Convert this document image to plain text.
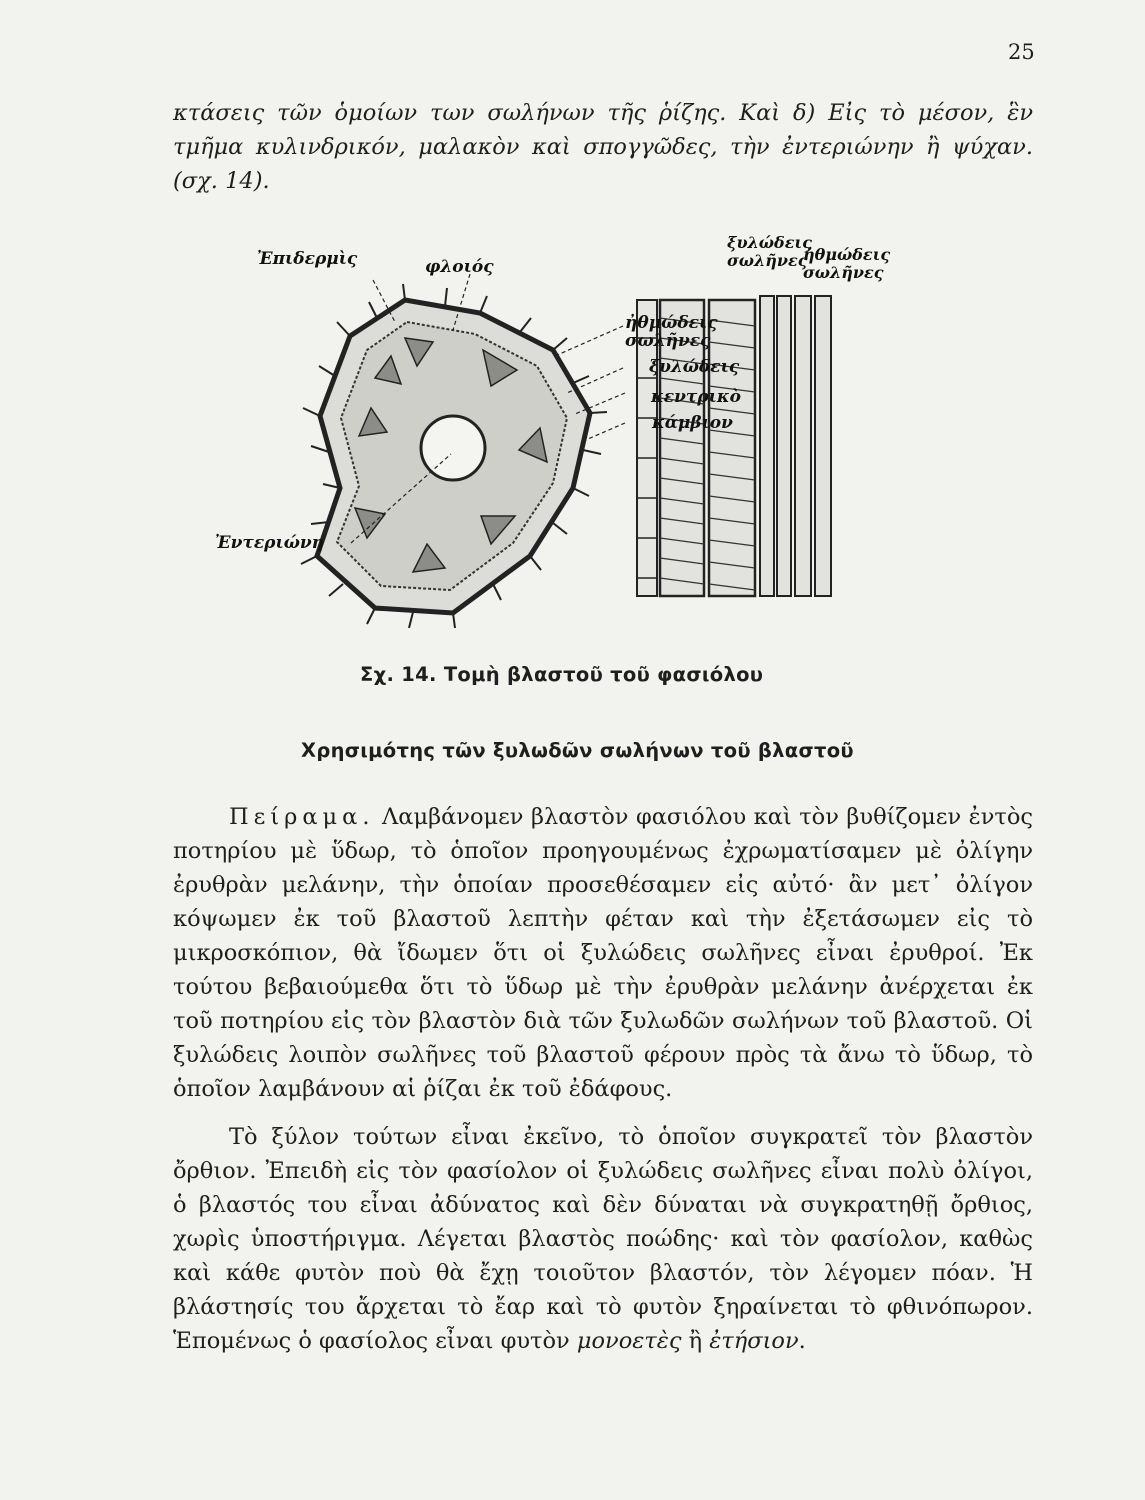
25

κτάσεις τῶν ὁμοίων των σωλήνων τῆς ῥίζης. Καὶ δ) Εἰς τὸ μέσον, ἓν τμῆμα κυλινδρικόν, μαλακὸν καὶ σπογγῶδες, τὴν ἐντεριώνην ἢ ψύχαν. (σχ. 14).

Ἐπιδερμὶς	φλοιός
ξυλώδεις
σωλῆνες
ἠθμώδεις
σωλῆνες
ἠθμώδεις
σωλῆνες
ξυλώδεις
κεντρικὸ
κάμβιον
Ἐντεριώνη
Σχ. 14. Τομὴ βλαστοῦ τοῦ φασιόλου
Χρησιμότης τῶν ξυλωδῶν σωλήνων τοῦ βλαστοῦ

Πείραμα. Λαμβάνομεν βλαστὸν φασιόλου καὶ τὸν βυθίζομεν ἐντὸς ποτηρίου μὲ ὕδωρ, τὸ ὁποῖον προηγουμένως ἐχρωματίσαμεν μὲ ὀλίγην ἐρυθρὰν μελάνην, τὴν ὁποίαν προσεθέσαμεν εἰς αὐτό· ἂν μετ᾽ ὀλίγον κόψωμεν ἐκ τοῦ βλαστοῦ λεπτὴν φέταν καὶ τὴν ἐξετάσωμεν εἰς τὸ μικροσκόπιον, θὰ ἴδωμεν ὅτι οἱ ξυλώδεις σωλῆνες εἶναι ἐρυθροί. Ἐκ τούτου βεβαιούμεθα ὅτι τὸ ὕδωρ μὲ τὴν ἐρυθρὰν μελάνην ἀνέρχεται ἐκ τοῦ ποτηρίου εἰς τὸν βλαστὸν διὰ τῶν ξυλωδῶν σωλήνων τοῦ βλαστοῦ. Οἱ ξυλώδεις λοιπὸν σωλῆνες τοῦ βλαστοῦ φέρουν πρὸς τὰ ἄνω τὸ ὕδωρ, τὸ ὁποῖον λαμβάνουν αἱ ῥίζαι ἐκ τοῦ ἐδάφους.

Τὸ ξύλον τούτων εἶναι ἐκεῖνο, τὸ ὁποῖον συγκρατεῖ τὸν βλαστὸν ὄρθιον. Ἐπειδὴ εἰς τὸν φασίολον οἱ ξυλώδεις σωλῆνες εἶναι πολὺ ὀλίγοι, ὁ βλαστός του εἶναι ἀδύνατος καὶ δὲν δύναται νὰ συγκρατηθῇ ὄρθιος, χωρὶς ὑποστήριγμα. Λέγεται βλαστὸς ποώδης· καὶ τὸν φασίολον, καθὼς καὶ κάθε φυτὸν ποὺ θὰ ἔχῃ τοιοῦτον βλαστόν, τὸν λέγομεν πόαν. Ἡ βλάστησίς του ἄρχεται τὸ ἔαρ καὶ τὸ φυτὸν ξηραίνεται τὸ φθινόπωρον. Ἑπομένως ὁ φασίολος εἶναι φυτὸν μονοετὲς ἢ ἐτήσιον.
